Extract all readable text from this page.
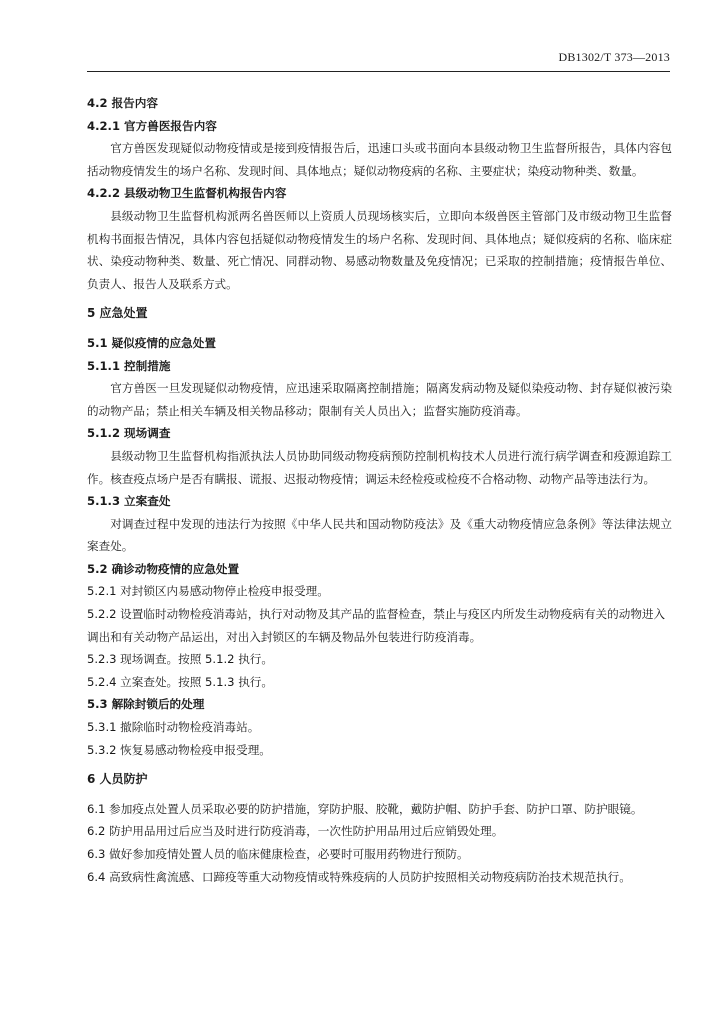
DB1302/T 373—2013
4.2 报告内容
4.2.1 官方兽医报告内容
官方兽医发现疑似动物疫情或是接到疫情报告后，迅速口头或书面向本县级动物卫生监督所报告，具体内容包括动物疫情发生的场户名称、发现时间、具体地点；疑似动物疫病的名称、主要症状；染疫动物种类、数量。
4.2.2 县级动物卫生监督机构报告内容
县级动物卫生监督机构派两名兽医师以上资质人员现场核实后，立即向本级兽医主管部门及市级动物卫生监督机构书面报告情况，具体内容包括疑似动物疫情发生的场户名称、发现时间、具体地点；疑似疫病的名称、临床症状、染疫动物种类、数量、死亡情况、同群动物、易感动物数量及免疫情况；已采取的控制措施；疫情报告单位、负责人、报告人及联系方式。
5 应急处置
5.1 疑似疫情的应急处置
5.1.1 控制措施
官方兽医一旦发现疑似动物疫情，应迅速采取隔离控制措施；隔离发病动物及疑似染疫动物、封存疑似被污染的动物产品；禁止相关车辆及相关物品移动；限制有关人员出入；监督实施防疫消毒。
5.1.2 现场调查
县级动物卫生监督机构指派执法人员协助同级动物疫病预防控制机构技术人员进行流行病学调查和疫源追踪工作。核查疫点场户是否有瞒报、谎报、迟报动物疫情；调运未经检疫或检疫不合格动物、动物产品等违法行为。
5.1.3 立案查处
对调查过程中发现的违法行为按照《中华人民共和国动物防疫法》及《重大动物疫情应急条例》等法律法规立案查处。
5.2 确诊动物疫情的应急处置
5.2.1 对封锁区内易感动物停止检疫申报受理。
5.2.2 设置临时动物检疫消毒站，执行对动物及其产品的监督检查，禁止与疫区内所发生动物疫病有关的动物进入调出和有关动物产品运出，对出入封锁区的车辆及物品外包装进行防疫消毒。
5.2.3 现场调查。按照 5.1.2 执行。
5.2.4 立案查处。按照 5.1.3 执行。
5.3 解除封锁后的处理
5.3.1 撤除临时动物检疫消毒站。
5.3.2 恢复易感动物检疫申报受理。
6 人员防护
6.1 参加疫点处置人员采取必要的防护措施，穿防护服、胶靴，戴防护帽、防护手套、防护口罩、防护眼镜。
6.2 防护用品用过后应当及时进行防疫消毒，一次性防护用品用过后应销毁处理。
6.3 做好参加疫情处置人员的临床健康检查，必要时可服用药物进行预防。
6.4 高致病性禽流感、口蹄疫等重大动物疫情或特殊疫病的人员防护按照相关动物疫病防治技术规范执行。
